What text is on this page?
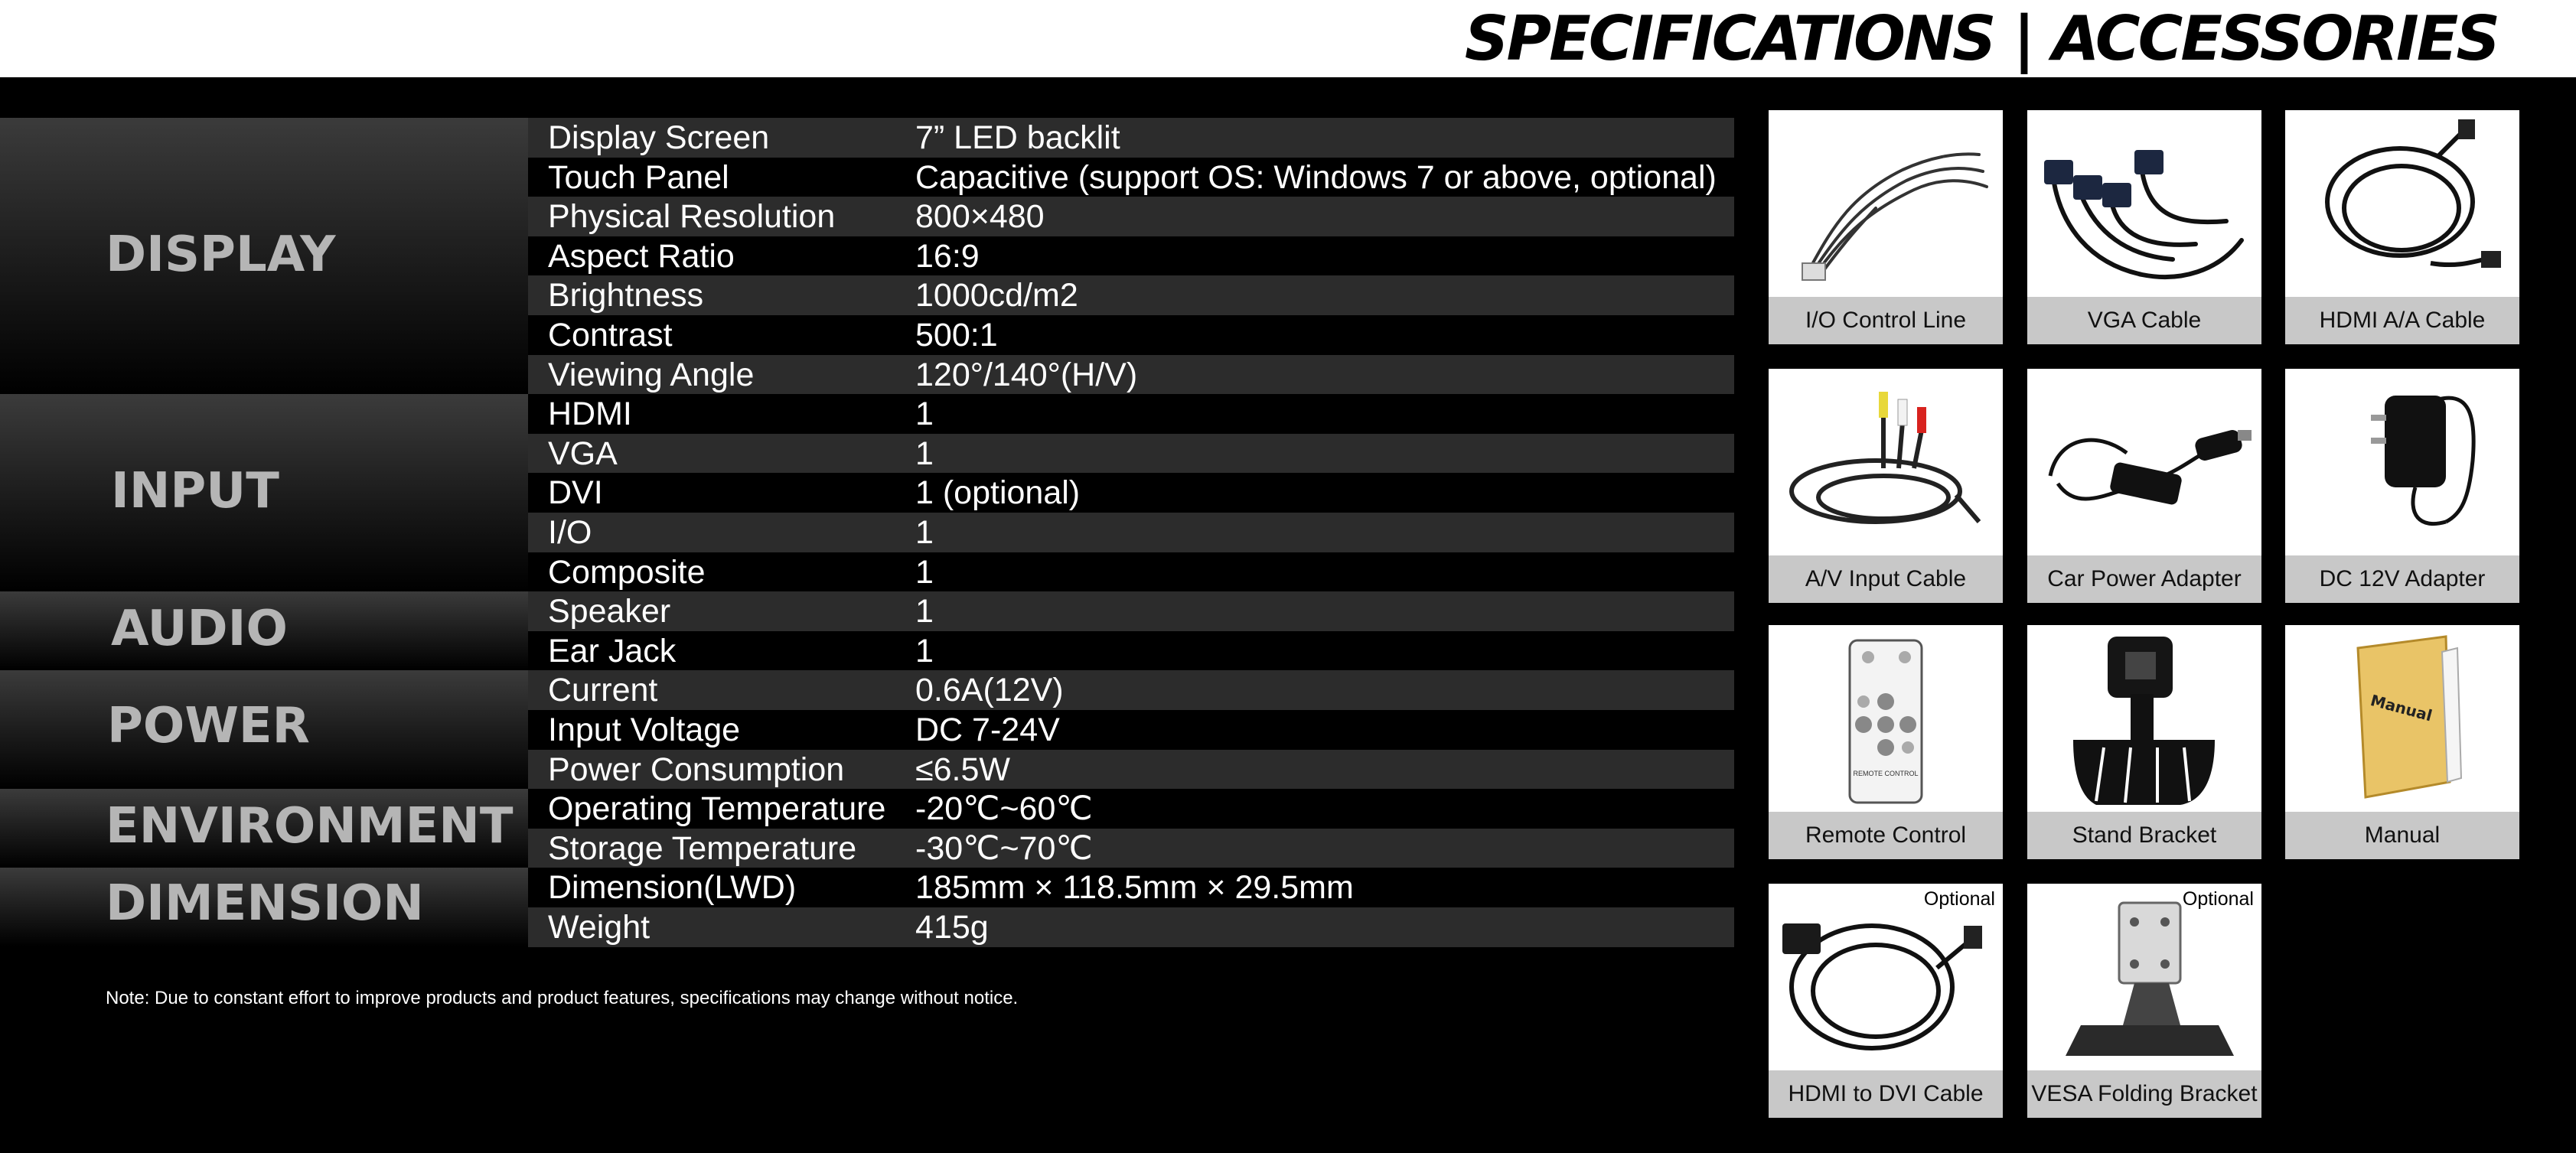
SPECIFICATIONS | ACCESSORIES
DISPLAY
INPUT
AUDIO
POWER
ENVIRONMENT
DIMENSION
Display Screen	7” LED backlit
Touch Panel	Capacitive (support OS: Windows 7 or above, optional)
Physical Resolution 800×480
Aspect Ratio	16:9
Brightness	1000cd/m2
Contrast	500:1
Viewing Angle	120°/140°(H/V)
HDMI	1
VGA	1
DVI	1 (optional)
I/O	1
Composite	1
Speaker	1
Ear Jack	1
Current	0.6A(12V)
Input Voltage	DC 7-24V
Power Consumption ≤6.5W
Operating Temperature -20℃~60℃
Storage Temperature -30℃~70℃
Dimension(LWD)	185mm × 118.5mm × 29.5mm
Weight	415g
Note: Due to constant effort to improve products and product features, specifications may change without notice.
I/O Control Line	VGA Cable	HDMI A/A Cable
A/V Input Cable	Car Power Adapter	DC 12V Adapter
REMOTE CONTROL
Remote Control	Stand Bracket
Manual
Manual
Optional
HDMI to DVI Cable
Optional
VESA Folding Bracket
